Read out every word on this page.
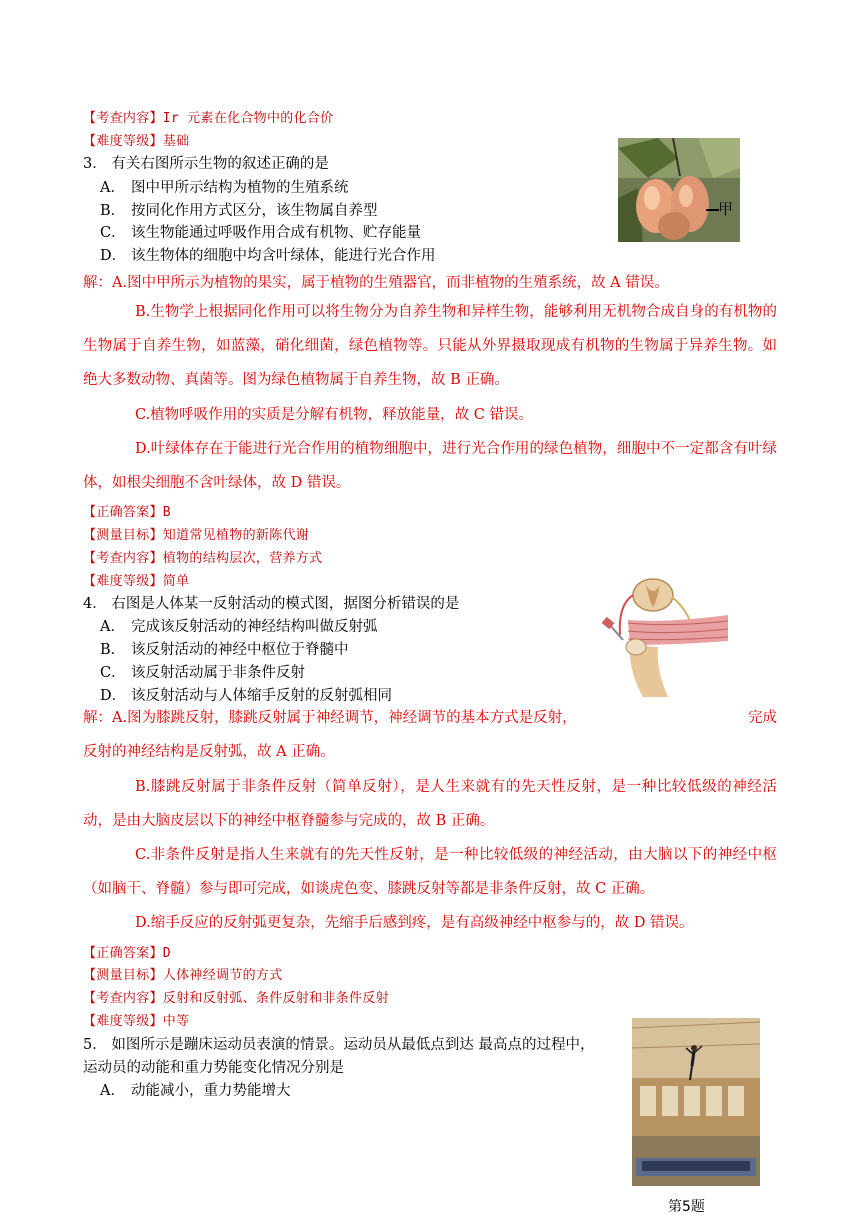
【考查内容】Ir 元素在化合物中的化合价
【难度等级】基础
3． 有关右图所示生物的叙述正确的是
A． 图中甲所示结构为植物的生殖系统
B． 按同化作用方式区分，该生物属自养型
C． 该生物能通过呼吸作用合成有机物、贮存能量
D． 该生物体的细胞中均含叶绿体，能进行光合作用
甲
解：A.图中甲所示为植物的果实，属于植物的生殖器官，而非植物的生殖系统，故 A 错误。
B.生物学上根据同化作用可以将生物分为自养生物和异样生物，能够利用无机物合成自身的有机物的生物属于自养生物，如蓝藻，硝化细菌，绿色植物等。只能从外界摄取现成有机物的生物属于异养生物。如绝大多数动物、真菌等。图为绿色植物属于自养生物，故 B 正确。
C.植物呼吸作用的实质是分解有机物，释放能量，故 C 错误。
D.叶绿体存在于能进行光合作用的植物细胞中，进行光合作用的绿色植物，细胞中不一定都含有叶绿体，如根尖细胞不含叶绿体，故 D 错误。
【正确答案】B
【测量目标】知道常见植物的新陈代谢
【考查内容】植物的结构层次，营养方式
【难度等级】简单
4． 右图是人体某一反射活动的模式图，据图分析错误的是
A． 完成该反射活动的神经结构叫做反射弧
B． 该反射活动的神经中枢位于脊髓中
C． 该反射活动属于非条件反射
D． 该反射活动与人体缩手反射的反射弧相同
解：A.图为膝跳反射，膝跳反射属于神经调节，神经调节的基本方式是反射，	完成
反射的神经结构是反射弧，故 A 正确。
B.膝跳反射属于非条件反射（简单反射），是人生来就有的先天性反射，是一种比较低级的神经活动，是由大脑皮层以下的神经中枢脊髓参与完成的，故 B 正确。
C.非条件反射是指人生来就有的先天性反射，是一种比较低级的神经活动，由大脑以下的神经中枢（如脑干、脊髓）参与即可完成，如谈虎色变、膝跳反射等都是非条件反射，故 C 正确。
D.缩手反应的反射弧更复杂，先缩手后感到疼，是有高级神经中枢参与的，故 D 错误。
【正确答案】D
【测量目标】人体神经调节的方式
【考查内容】反射和反射弧、条件反射和非条件反射
【难度等级】中等
5． 如图所示是蹦床运动员表演的情景。运动员从最低点到达 最高点的过程中，
运动员的动能和重力势能变化情况分别是
A． 动能减小，重力势能增大
第5题
